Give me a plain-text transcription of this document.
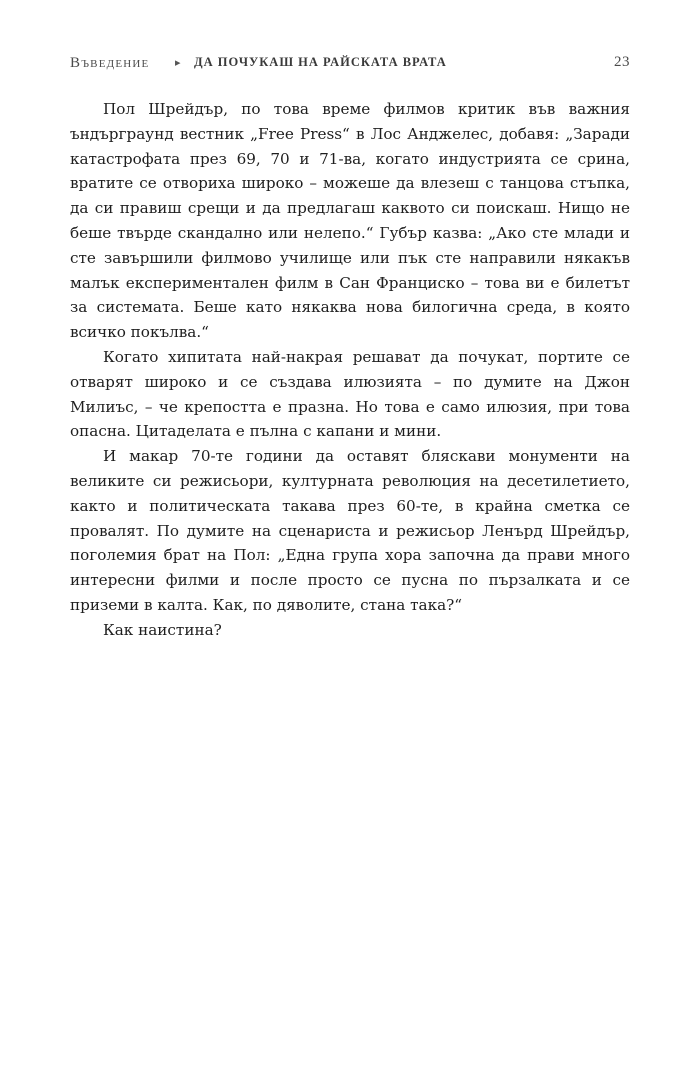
Въведение ▸ ДА ПОЧУКАШ НА РАЙСКАТА ВРАТА	23

Пол Шрейдър, по това време филмов критик във важния ъндърграунд вестник „Free Press“ в Лос Анджелес, добавя: „Заради катастрофата през 69, 70 и 71-ва, когато индустрията се срина, вратите се отвориха широко – можеше да влезеш с танцова стъпка, да си правиш срещи и да предлагаш каквото си поискаш. Нищо не беше твърде скандално или нелепо.“ Губър казва: „Ако сте млади и сте завършили филмово училище или пък сте направили някакъв малък експериментален филм в Сан Франциско – това ви е билетът за системата. Беше като някаква нова билогична среда, в която всичко покълва.“

Когато хипитата най-накрая решават да почукат, портите се отварят широко и се създава илюзията – по думите на Джон Милиъс, – че крепостта е празна. Но това е само илюзия, при това опасна. Цитаделата е пълна с капани и мини.

И макар 70-те години да оставят бляскави монументи на великите си режисьори, културната революция на десетилетието, както и политическата такава през 60-те, в крайна сметка се провалят. По думите на сценариста и режисьор Ленърд Шрейдър, поголемия брат на Пол: „Една група хора започна да прави много интересни филми и после просто се пусна по пързалката и се приземи в калта. Как, по дяволите, стана така?“

Как наистина?
